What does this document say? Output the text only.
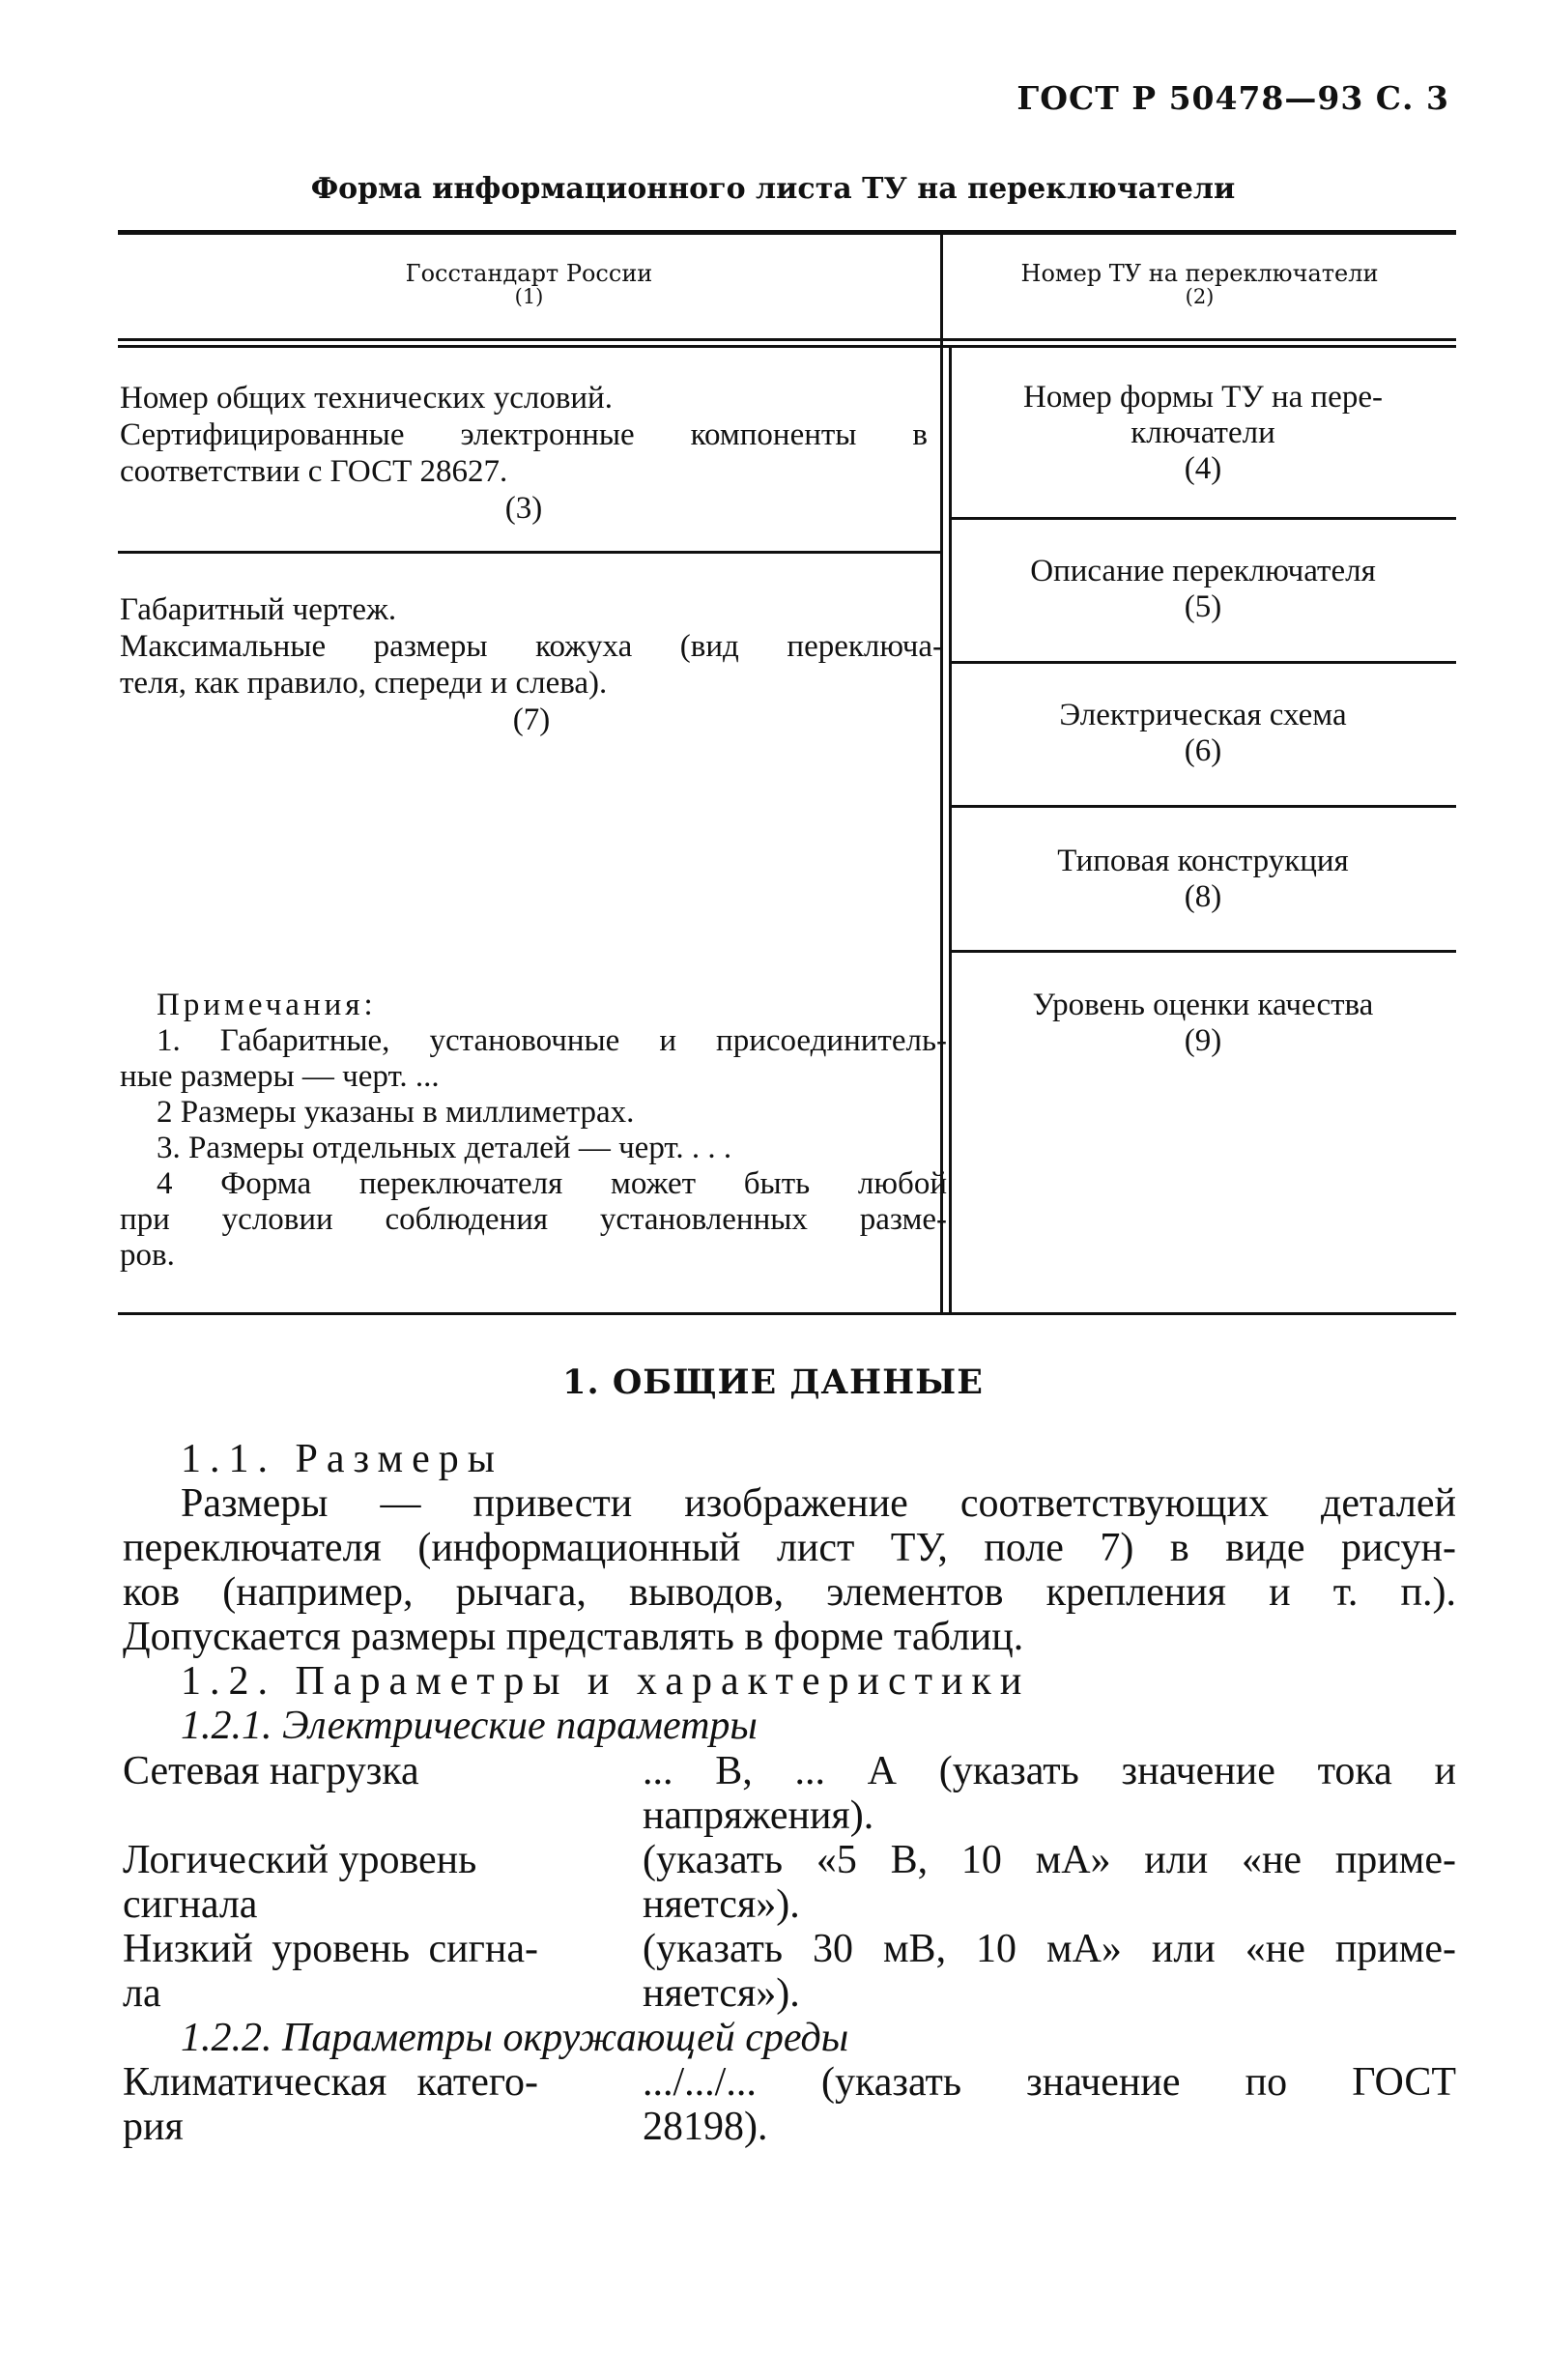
ГОСТ Р 50478—93 С. 3
Форма информационного листа ТУ на переключатели
Госстандарт России
(1)
Номер ТУ на переключатели
(2)
Номер общих технических условий.
Сертифицированные электронные компоненты в
соответствии с ГОСТ 28627.
(3)
Номер формы ТУ на пере-
ключатели
(4)
Описание переключателя
(5)
Габаритный чертеж.
Максимальные размеры кожуха (вид переключа-
теля, как правило, спереди и слева).
(7)	Электрическая схема
(6)
Типовая конструкция
(8)
Уровень оценки качества
(9)
Примечания:
1. Габаритные, установочные и присоединитель-
ные размеры — черт. ...
2 Размеры указаны в миллиметрах.
3. Размеры отдельных деталей — черт. . . .
4 Форма переключателя может быть любой
при условии соблюдения установленных разме-
ров.
1. ОБЩИЕ ДАННЫЕ
1.1. Размеры
Размеры — привести изображение соответствующих деталей
переключателя (информационный лист ТУ, поле 7) в виде рисун-
ков (например, рычага, выводов, элементов крепления и т. п.).
Допускается размеры представлять в форме таблиц.
1.2. Параметры и характеристики
1.2.1. Электрические параметры
Сетевая нагрузка	... В, ... А (указать значение тока и
напряжения).
Логический уровень
сигнала
(указать «5 В, 10 мА» или «не приме-
няется»).
Низкий уровень сигна-
ла
(указать 30 мВ, 10 мА» или «не приме-
няется»).
1.2.2. Параметры окружающей среды
Климатическая катего-
рия
.../.../... (указать значение по ГОСТ
28198).
